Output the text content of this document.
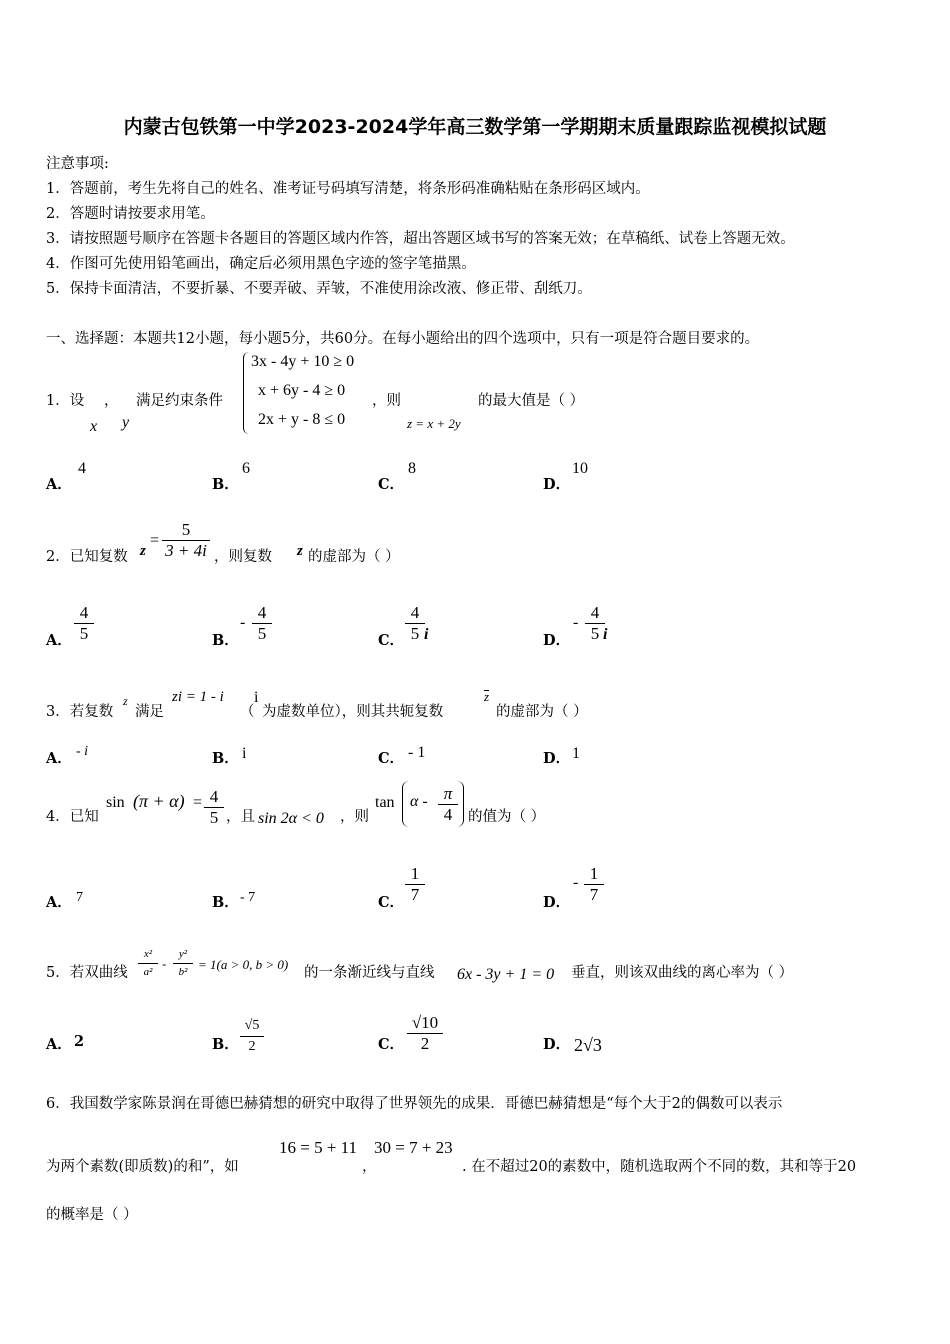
内蒙古包铁第一中学2023-2024学年高三数学第一学期期末质量跟踪监视模拟试题
注意事项:
1．答题前，考生先将自己的姓名、准考证号码填写清楚，将条形码准确粘贴在条形码区域内。
2．答题时请按要求用笔。
3．请按照题号顺序在答题卡各题目的答题区域内作答，超出答题区域书写的答案无效；在草稿纸、试卷上答题无效。
4．作图可先使用铅笔画出，确定后必须用黑色字迹的签字笔描黑。
5．保持卡面清洁，不要折暴、不要弄破、弄皱，不准使用涂改液、修正带、刮纸刀。
一、选择题：本题共12小题，每小题5分，共60分。在每小题给出的四个选项中，只有一项是符合题目要求的。
1．设 ， 满足约束条件
x y
3x - 4y + 10 ≥ 0
x + 6y - 4 ≥ 0
2x + y - 8 ≤ 0
，则
z = x + 2y
的最大值是（ ）
A．
4
B．
6
C．
8
D．
10
2．已知复数 z
= $\frac{5}{3 + 4i}$ ，则复数 z 的虚部为（ ）
A． $\frac{4}{5}$	B．
- $\frac{4}{5}$	C． $\frac{4}{5}$ i	D．
- $\frac{4}{5}$
i
3．若复数
z
满足
zi = 1 - i
（
i
为虚数单位），则其共轭复数
z
的虚部为（ ）
A． - i	B． i	C． - 1	D． 1
4．已知
$\sin (\pi + \alpha) = \frac{4}{5}$ ，且 sin 2α < 0 ，则
tan α - $\frac{\pi}{4}$ 的值为（ ）
A． 7	B． - 7	C． $\frac{1}{7}$	D．
- $\frac{1}{7}$
5．若双曲线 $\frac{\text{x²}}{\text{a²}} - \frac{\text{y²}}{\text{b²}} = 1(a > 0$, b > 0)
的一条渐近线与直线 6x - 3y + 1 = 0 垂直，则该双曲线的离心率为（ ）
A． 2	B． $\frac{√5}{2}$	C． $\frac{√10}{2}$	D． 2√3
6．我国数学家陈景润在哥德巴赫猜想的研究中取得了世界领先的成果．哥德巴赫猜想是“每个大于2的偶数可以表示
为两个素数(即质数)的和”，如
16 = 5 + 11
，
30 = 7 + 23
. 在不超过20的素数中，随机选取两个不同的数，其和等于20
的概率是（ ）
